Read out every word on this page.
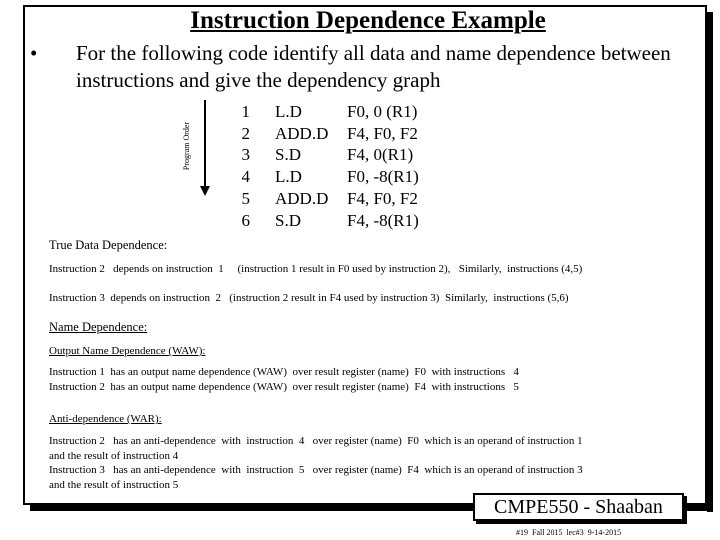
Instruction Dependence Example
• For the following code identify all data and name dependence between instructions and give the dependency graph
Program Order
1
2
3
4
5
6
L.D
ADD.D
S.D
L.D
ADD.D
S.D
F0, 0 (R1)
F4, F0, F2
F4, 0(R1)
F0, -8(R1)
F4, F0, F2
F4, -8(R1)
True Data Dependence:
Instruction 2   depends on instruction  1     (instruction 1 result in F0 used by instruction 2),   Similarly,  instructions (4,5)
Instruction 3  depends on instruction  2   (instruction 2 result in F4 used by instruction 3)  Similarly,  instructions (5,6)
Name Dependence:
Output Name Dependence (WAW):
Instruction 1  has an output name dependence (WAW)  over result register (name)  F0  with instructions   4
Instruction 2  has an output name dependence (WAW)  over result register (name)  F4  with instructions   5
Anti-dependence (WAR):
Instruction 2   has an anti-dependence  with  instruction  4   over register (name)  F0  which is an operand of instruction 1
and the result of instruction 4
Instruction 3   has an anti-dependence  with  instruction  5   over register (name)  F4  which is an operand of instruction 3
and the result of instruction 5
CMPE550 - Shaaban
#19  Fall 2015  lec#3  9-14-2015
